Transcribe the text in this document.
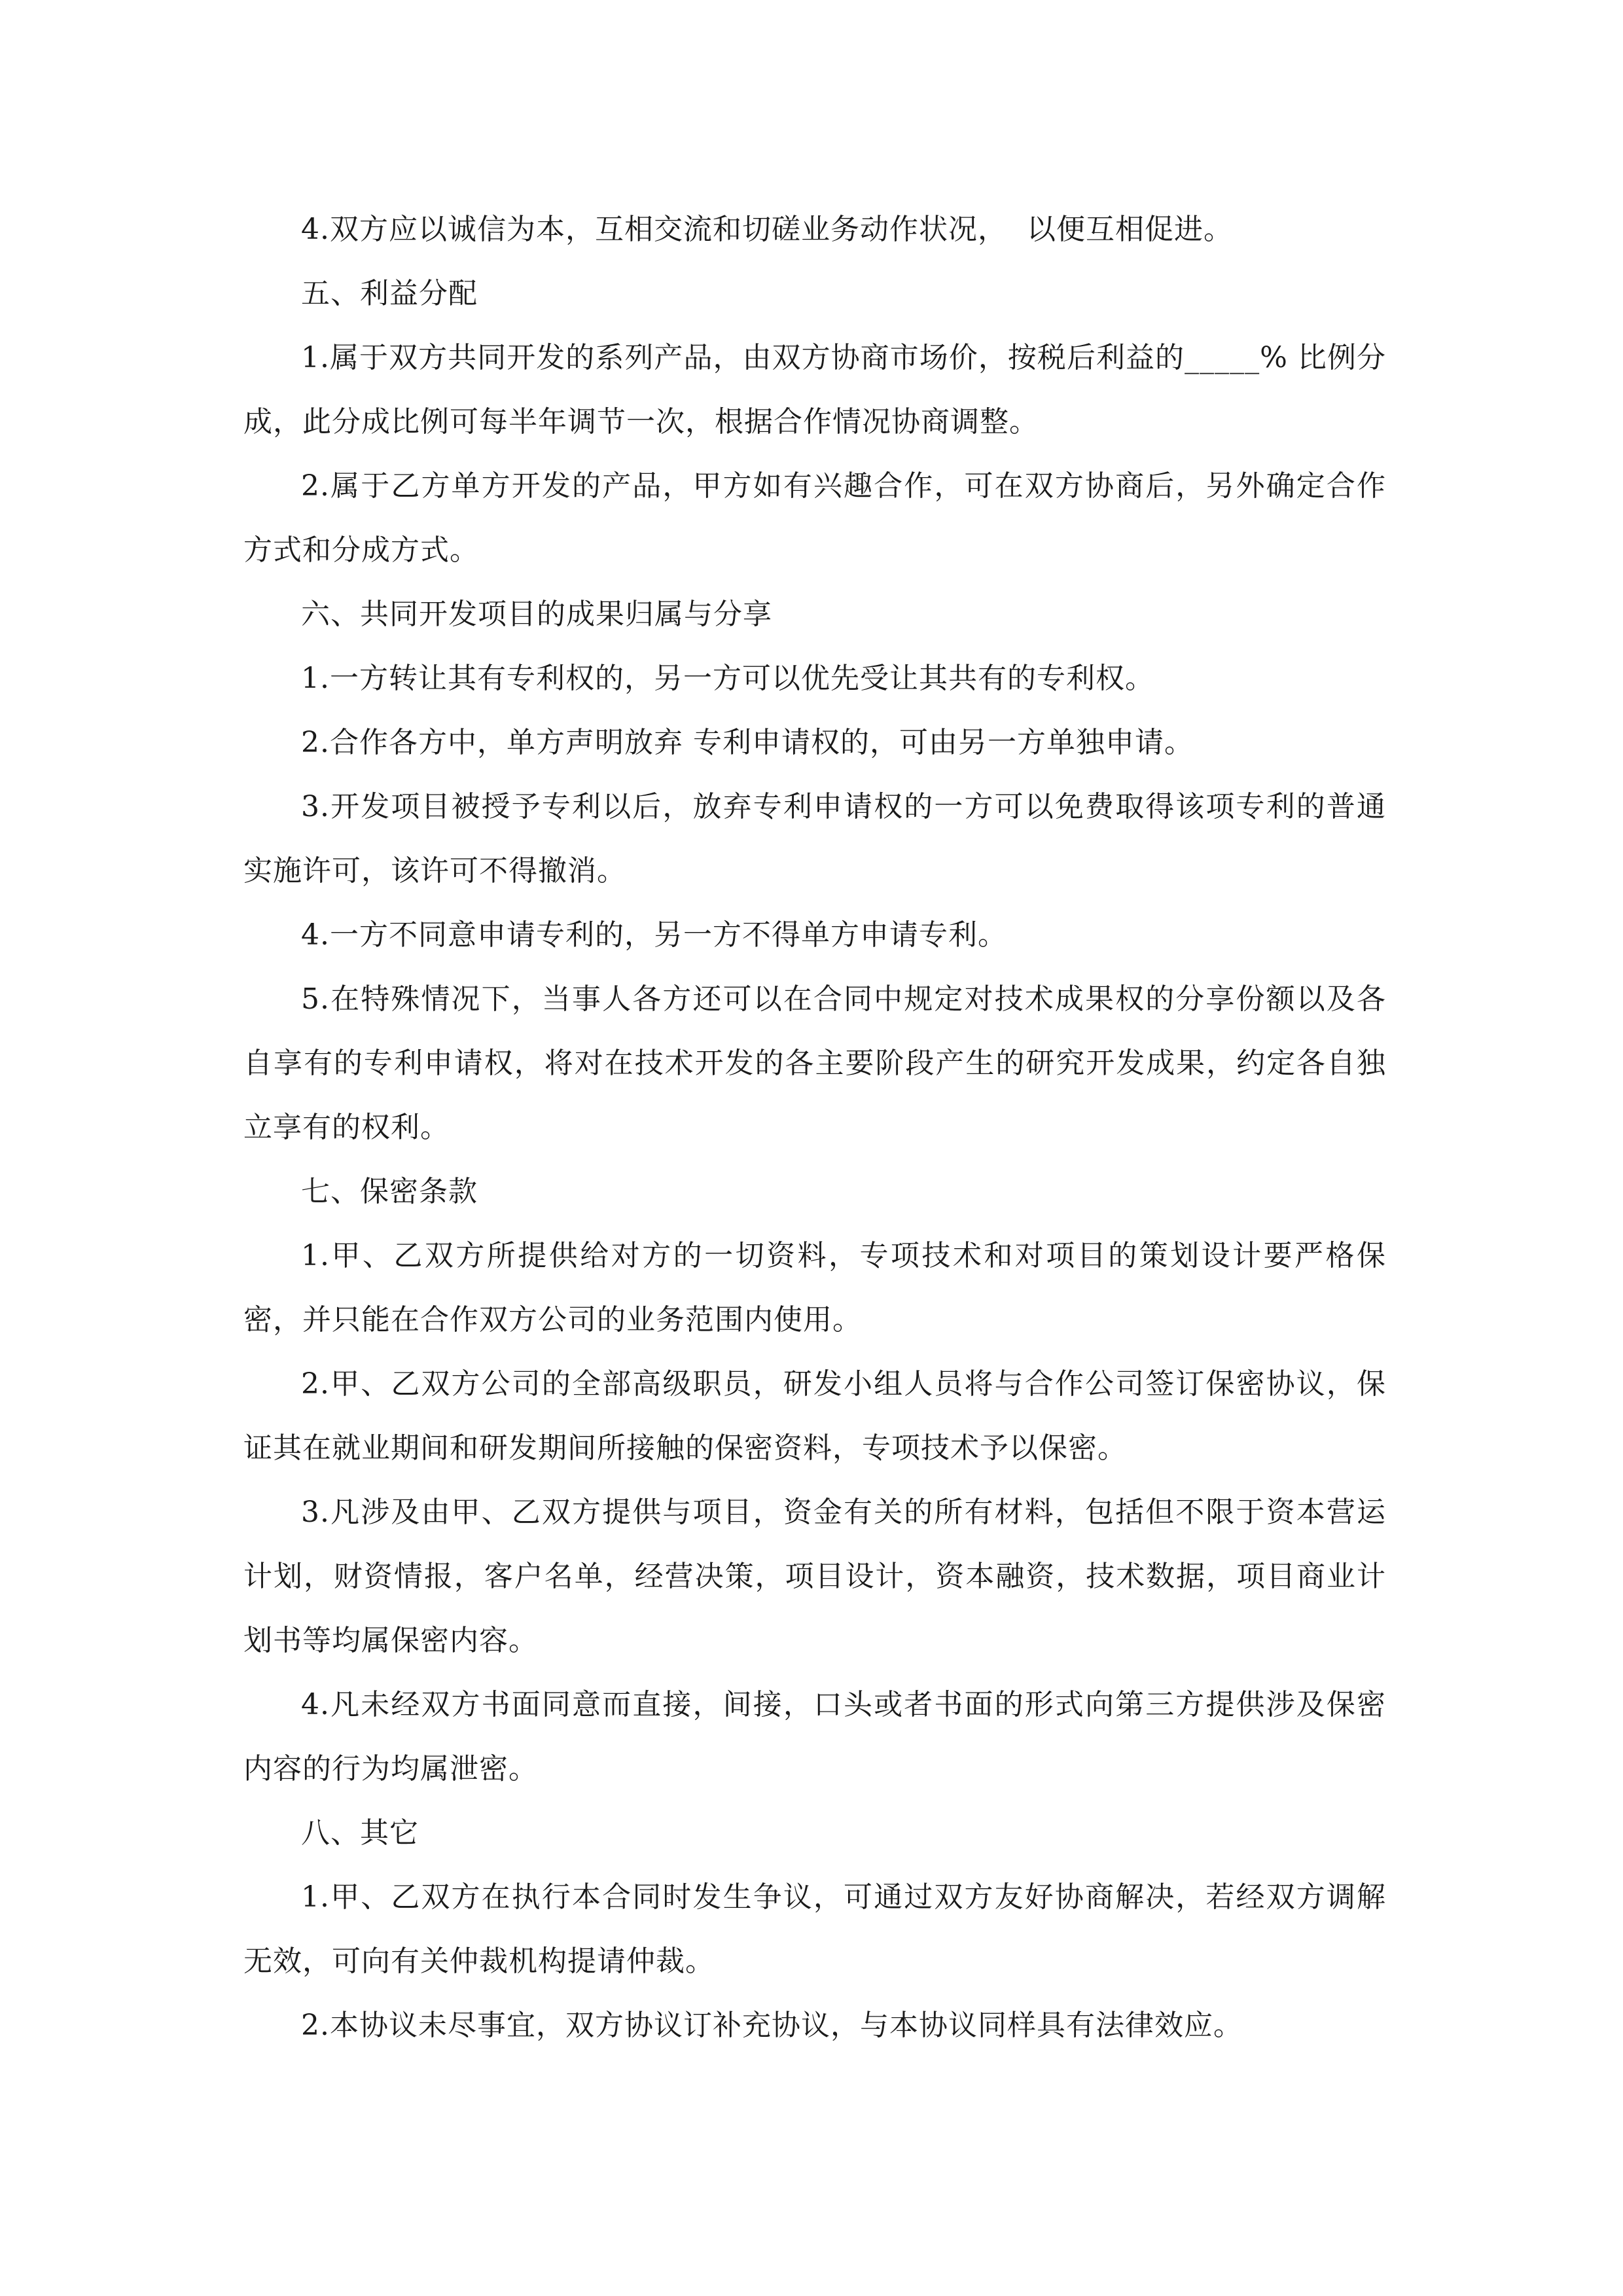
4.双方应以诚信为本，互相交流和切磋业务动作状况，  以便互相促进。

五、利益分配

1.属于双方共同开发的系列产品，由双方协商市场价，按税后利益的_____% 比例分成，此分成比例可每半年调节一次，根据合作情况协商调整。

2.属于乙方单方开发的产品，甲方如有兴趣合作，可在双方协商后，另外确定合作方式和分成方式。

六、共同开发项目的成果归属与分享

1.一方转让其有专利权的，另一方可以优先受让其共有的专利权。

2.合作各方中，单方声明放弃 专利申请权的，可由另一方单独申请。

3.开发项目被授予专利以后，放弃专利申请权的一方可以免费取得该项专利的普通实施许可，该许可不得撤消。

4.一方不同意申请专利的，另一方不得单方申请专利。

5.在特殊情况下，当事人各方还可以在合同中规定对技术成果权的分享份额以及各自享有的专利申请权，将对在技术开发的各主要阶段产生的研究开发成果，约定各自独立享有的权利。

七、保密条款

1.甲、乙双方所提供给对方的一切资料，专项技术和对项目的策划设计要严格保密，并只能在合作双方公司的业务范围内使用。

2.甲、乙双方公司的全部高级职员，研发小组人员将与合作公司签订保密协议，保证其在就业期间和研发期间所接触的保密资料，专项技术予以保密。

3.凡涉及由甲、乙双方提供与项目，资金有关的所有材料，包括但不限于资本营运计划，财资情报，客户名单，经营决策，项目设计，资本融资，技术数据，项目商业计划书等均属保密内容。

4.凡未经双方书面同意而直接，间接，口头或者书面的形式向第三方提供涉及保密内容的行为均属泄密。

八、其它

1.甲、乙双方在执行本合同时发生争议，可通过双方友好协商解决，若经双方调解无效，可向有关仲裁机构提请仲裁。

2.本协议未尽事宜，双方协议订补充协议，与本协议同样具有法律效应。
